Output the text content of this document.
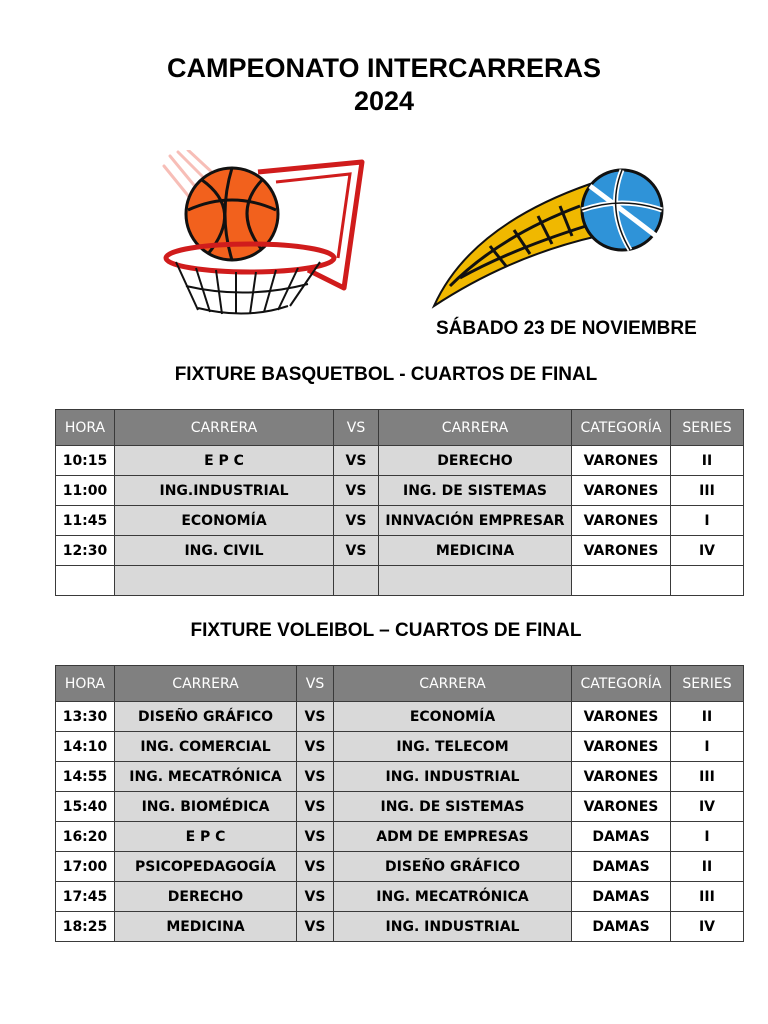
CAMPEONATO INTERCARRERAS
2024
SÁBADO 23 DE NOVIEMBRE
FIXTURE BASQUETBOL - CUARTOS DE FINAL
HORA	CARRERA	VS	CARRERA	CATEGORÍA	SERIES
10:15	E P C	VS	DERECHO	VARONES	II
11:00	ING.INDUSTRIAL	VS	ING. DE SISTEMAS	VARONES	III
11:45	ECONOMÍA	VS	INNVACIÓN EMPRESAR	VARONES	I
12:30	ING. CIVIL	VS	MEDICINA	VARONES	IV

FIXTURE VOLEIBOL – CUARTOS DE FINAL
HORA	CARRERA	VS	CARRERA	CATEGORÍA	SERIES
13:30	DISEÑO GRÁFICO	VS	ECONOMÍA	VARONES	II
14:10	ING. COMERCIAL	VS	ING. TELECOM	VARONES	I
14:55	ING. MECATRÓNICA	VS	ING. INDUSTRIAL	VARONES	III
15:40	ING. BIOMÉDICA	VS	ING. DE SISTEMAS	VARONES	IV
16:20	E P C	VS	ADM DE EMPRESAS	DAMAS	I
17:00	PSICOPEDAGOGÍA	VS	DISEÑO GRÁFICO	DAMAS	II
17:45	DERECHO	VS	ING. MECATRÓNICA	DAMAS	III
18:25	MEDICINA	VS	ING. INDUSTRIAL	DAMAS	IV
